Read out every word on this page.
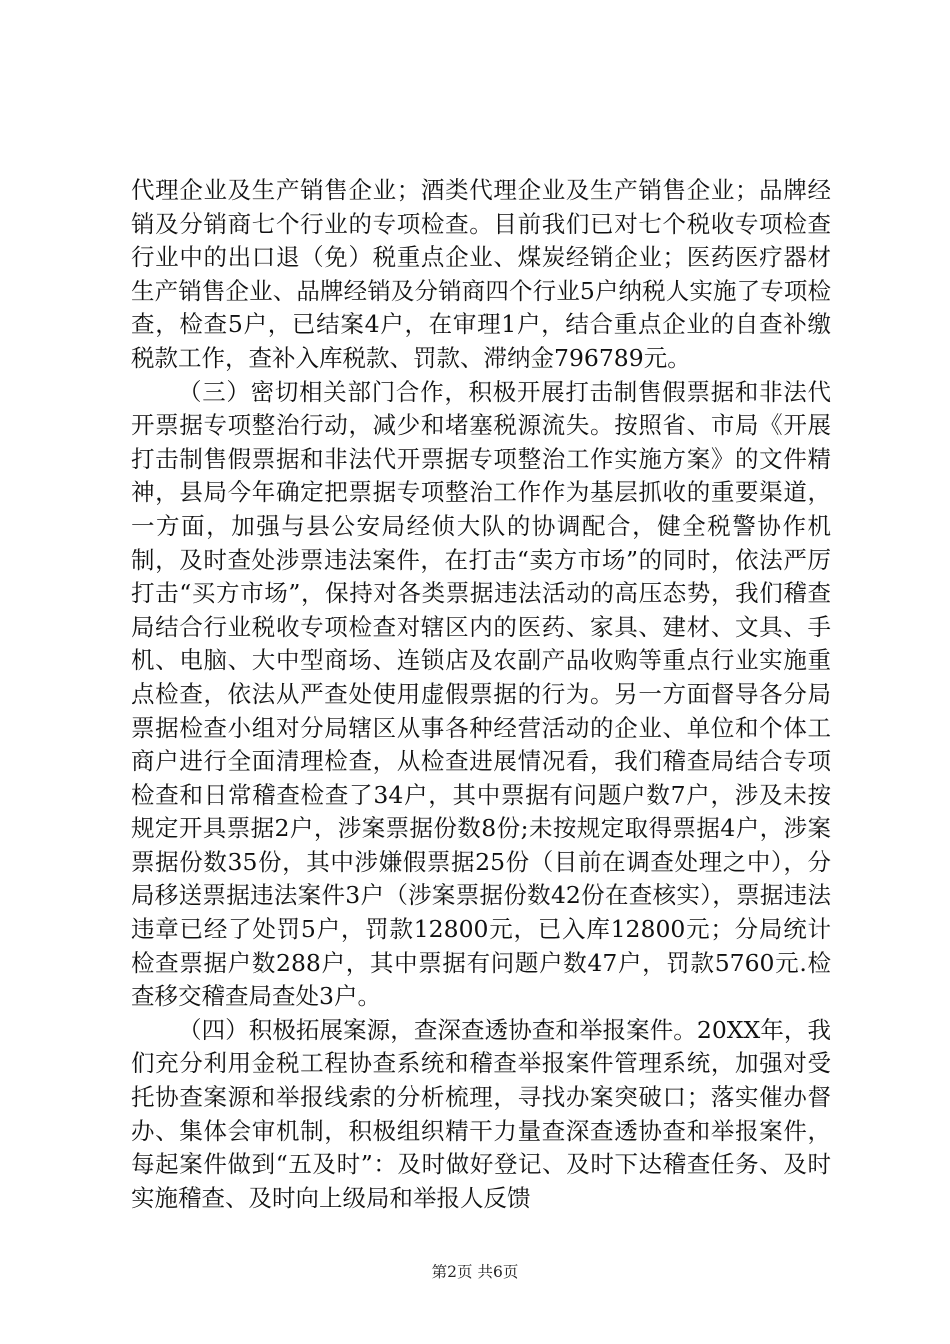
代理企业及生产销售企业；酒类代理企业及生产销售企业；品牌经销及分销商七个行业的专项检查。目前我们已对七个税收专项检查行业中的出口退（免）税重点企业、煤炭经销企业；医药医疗器材生产销售企业、品牌经销及分销商四个行业5户纳税人实施了专项检查，检查5户，已结案4户，在审理1户，结合重点企业的自查补缴税款工作，查补入库税款、罚款、滞纳金796789元。

（三）密切相关部门合作，积极开展打击制售假票据和非法代开票据专项整治行动，减少和堵塞税源流失。按照省、市局《开展打击制售假票据和非法代开票据专项整治工作实施方案》的文件精神，县局今年确定把票据专项整治工作作为基层抓收的重要渠道，一方面，加强与县公安局经侦大队的协调配合，健全税警协作机制，及时查处涉票违法案件，在打击“卖方市场”的同时，依法严厉打击“买方市场”，保持对各类票据违法活动的高压态势，我们稽查局结合行业税收专项检查对辖区内的医药、家具、建材、文具、手机、电脑、大中型商场、连锁店及农副产品收购等重点行业实施重点检查，依法从严查处使用虚假票据的行为。另一方面督导各分局票据检查小组对分局辖区从事各种经营活动的企业、单位和个体工商户进行全面清理检查，从检查进展情况看，我们稽查局结合专项检查和日常稽查检查了34户，其中票据有问题户数7户，涉及未按规定开具票据2户，涉案票据份数8份;未按规定取得票据4户，涉案票据份数35份，其中涉嫌假票据25份（目前在调查处理之中），分局移送票据违法案件3户（涉案票据份数42份在查核实），票据违法违章已经了处罚5户，罚款12800元，已入库12800元；分局统计检查票据户数288户，其中票据有问题户数47户，罚款5760元.检查移交稽查局查处3户。

（四）积极拓展案源，查深查透协查和举报案件。20XX年，我们充分利用金税工程协查系统和稽查举报案件管理系统，加强对受托协查案源和举报线索的分析梳理，寻找办案突破口；落实催办督办、集体会审机制，积极组织精干力量查深查透协查和举报案件，每起案件做到“五及时”：及时做好登记、及时下达稽查任务、及时实施稽查、及时向上级局和举报人反馈

第2页 共6页
